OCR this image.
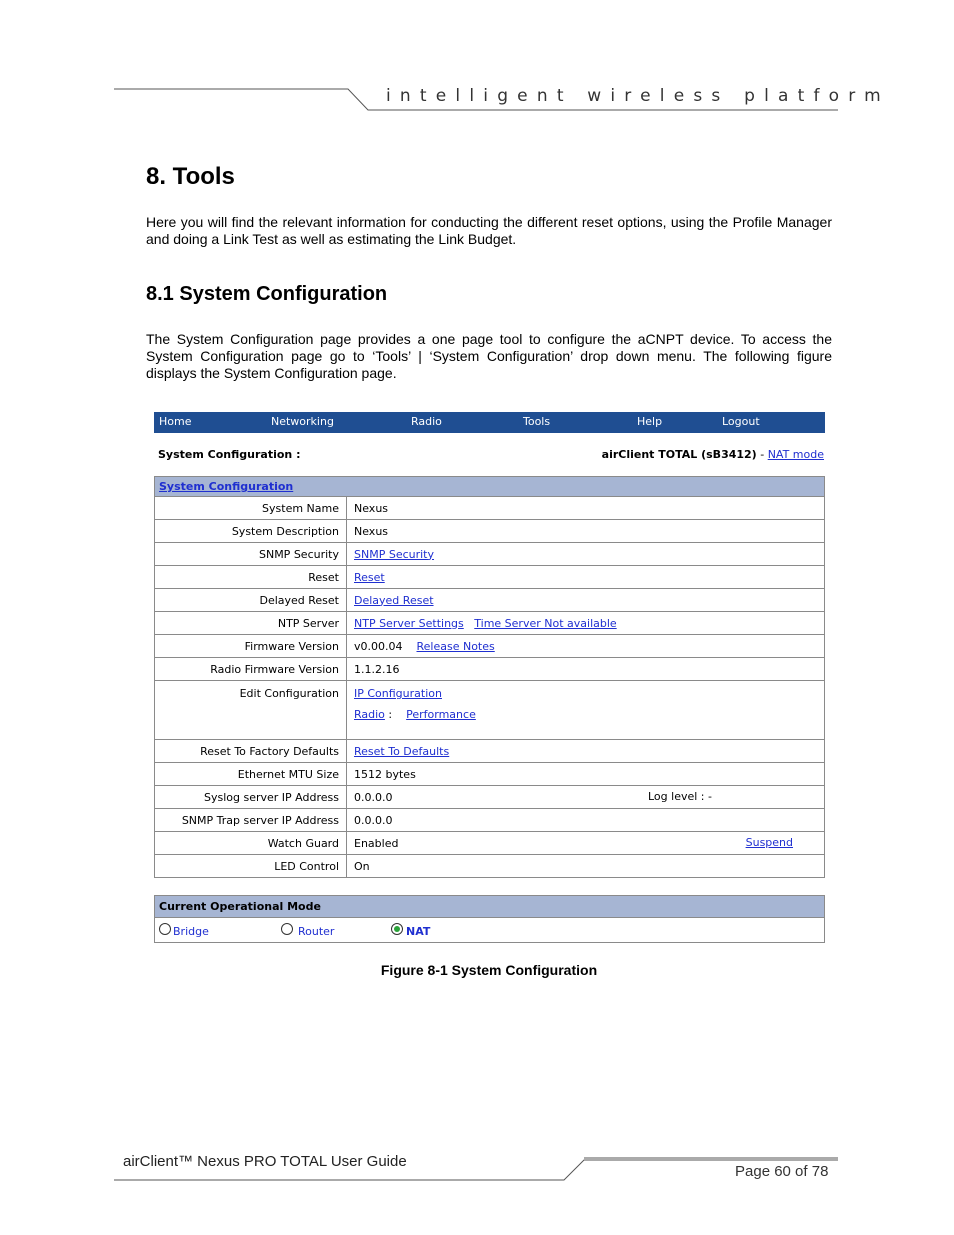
intelligent wireless platform
8. Tools

Here you will find the relevant information for conducting the different reset options, using the Profile Manager and doing a Link Test as well as estimating the Link Budget.

8.1 System Configuration

The System Configuration page provides a one page tool to configure the aCNPT device. To access the System Configuration page go to ‘Tools’ | ‘System Configuration’ drop down menu. The following figure displays the System Configuration page.

Home	Networking	Radio	Tools	Help	Logout
System Configuration :	airClient TOTAL (sB3412) - NAT mode
System Configuration	
System Name	Nexus
System Description	Nexus
SNMP Security	SNMP Security
Reset	Reset
Delayed Reset	Delayed Reset
NTP Server	NTP Server Settings Time Server Not available
Firmware Version	v0.00.04 Release Notes
Radio Firmware Version	1.1.2.16
Edit Configuration	IP Configuration
Radio :    Performance

Reset To Factory Defaults	Reset To Defaults
Ethernet MTU Size	1512 bytes
Syslog server IP Address	0.0.0.0 Log level : -

SNMP Trap server IP Address	0.0.0.0
Watch Guard	Enabled Suspend

LED Control	On
Current Operational Mode
Bridge	Router	NAT
Figure 8-1 System Configuration
airClient™ Nexus PRO TOTAL User Guide
Page 60 of 78
